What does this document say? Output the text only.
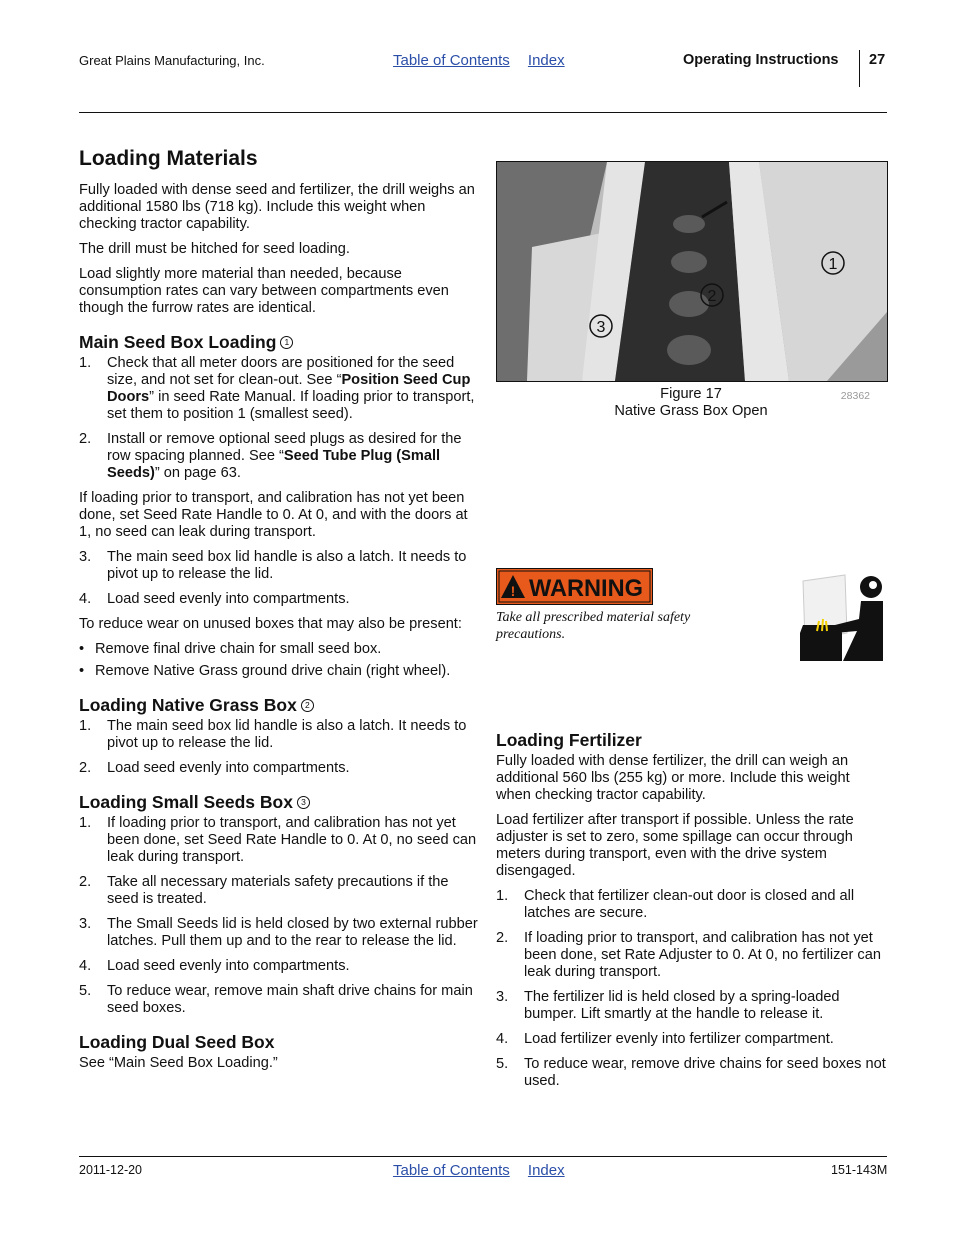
Great Plains Manufacturing, Inc.	Table of Contents Index	Operating Instructions 27
Loading Materials

Fully loaded with dense seed and fertilizer, the drill weighs an additional 1580 lbs (718 kg). Include this weight when checking tractor capability.

The drill must be hitched for seed loading.

Load slightly more material than needed, because consumption rates can vary between compartments even though the furrow rates are identical.

Main Seed Box Loading 1
1. Check that all meter doors are positioned for the seed size, and not set for clean-out. See “Position Seed Cup Doors” in seed Rate Manual. If loading prior to transport, set them to position 1 (smallest seed).
2. Install or remove optional seed plugs as desired for the row spacing planned. See “Seed Tube Plug (Small Seeds)” on page 63.

If loading prior to transport, and calibration has not yet been done, set Seed Rate Handle to 0. At 0, and with the doors at 1, no seed can leak during transport.

3. The main seed box lid handle is also a latch. It needs to pivot up to release the lid.
4. Load seed evenly into compartments.

To reduce wear on unused boxes that may also be present:

• Remove final drive chain for small seed box.
• Remove Native Grass ground drive chain (right wheel).
Loading Native Grass Box 2
1. The main seed box lid handle is also a latch. It needs to pivot up to release the lid.
2. Load seed evenly into compartments.
Loading Small Seeds Box 3
1. If loading prior to transport, and calibration has not yet been done, set Seed Rate Handle to 0. At 0, no seed can leak during transport.
2. Take all necessary materials safety precautions if the seed is treated.
3. The Small Seeds lid is held closed by two external rubber latches. Pull them up and to the rear to release the lid.
4. Load seed evenly into compartments.
5. To reduce wear, remove main shaft drive chains for main seed boxes.
Loading Dual Seed Box

See “Main Seed Box Loading.”

1
2
3
Figure 17
Native Grass Box Open
28362
! WARNING
Take all prescribed material safety precautions.
Loading Fertilizer

Fully loaded with dense fertilizer, the drill can weigh an additional 560 lbs (255 kg) or more. Include this weight when checking tractor capability.

Load fertilizer after transport if possible. Unless the rate adjuster is set to zero, some spillage can occur through meters during transport, even with the drive system disengaged.

1. Check that fertilizer clean-out door is closed and all latches are secure.
2. If loading prior to transport, and calibration has not yet been done, set Rate Adjuster to 0. At 0, no fertilizer can leak during transport.
3. The fertilizer lid is held closed by a spring-loaded bumper. Lift smartly at the handle to release it.
4. Load fertilizer evenly into fertilizer compartment.
5. To reduce wear, remove drive chains for seed boxes not used.
2011-12-20	Table of Contents Index	151-143M
